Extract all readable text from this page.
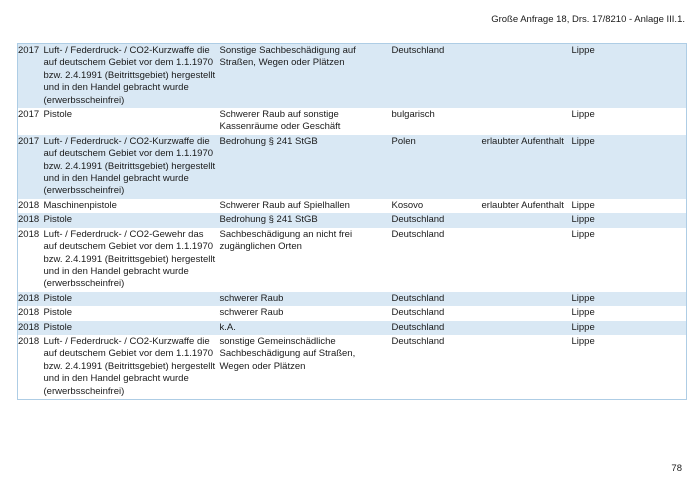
Große Anfrage 18, Drs. 17/8210 - Anlage III.1.
2017	Luft- / Federdruck- / CO2-Kurzwaffe die auf deutschem Gebiet vor dem 1.1.1970 bzw. 2.4.1991 (Beitrittsgebiet) hergestellt und in den Handel gebracht wurde (erwerbsscheinfrei)	Sonstige Sachbeschädigung auf Straßen, Wegen oder Plätzen	Deutschland		Lippe
2017	Pistole	Schwerer Raub auf sonstige Kassenräume oder Geschäft	bulgarisch		Lippe
2017	Luft- / Federdruck- / CO2-Kurzwaffe die auf deutschem Gebiet vor dem 1.1.1970 bzw. 2.4.1991 (Beitrittsgebiet) hergestellt und in den Handel gebracht wurde (erwerbsscheinfrei)	Bedrohung § 241 StGB	Polen	erlaubter Aufenthalt	Lippe
2018	Maschinenpistole	Schwerer Raub auf Spielhallen	Kosovo	erlaubter Aufenthalt	Lippe
2018	Pistole	Bedrohung § 241 StGB	Deutschland		Lippe
2018	Luft- / Federdruck- / CO2-Gewehr das auf deutschem Gebiet vor dem 1.1.1970 bzw. 2.4.1991 (Beitrittsgebiet) hergestellt und in den Handel gebracht wurde (erwerbsscheinfrei)	Sachbeschädigung an nicht frei zugänglichen Orten	Deutschland		Lippe
2018	Pistole	schwerer Raub	Deutschland		Lippe
2018	Pistole	schwerer Raub	Deutschland		Lippe
2018	Pistole	k.A.	Deutschland		Lippe
2018	Luft- / Federdruck- / CO2-Kurzwaffe die auf deutschem Gebiet vor dem 1.1.1970 bzw. 2.4.1991 (Beitrittsgebiet) hergestellt und in den Handel gebracht wurde (erwerbsscheinfrei)	sonstige Gemeinschädliche Sachbeschädigung auf Straßen, Wegen oder Plätzen	Deutschland		Lippe
78
